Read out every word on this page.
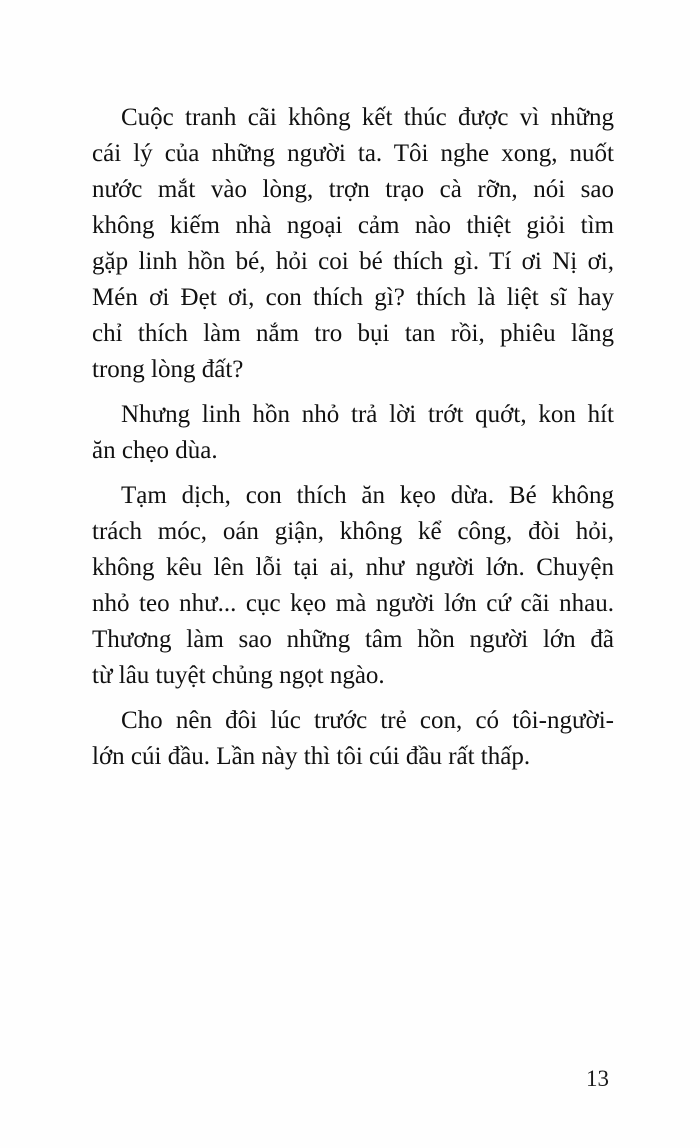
Cuộc tranh cãi không kết thúc được vì những
cái lý của những người ta. Tôi nghe xong, nuốt
nước mắt vào lòng, trợn trạo cà rỡn, nói sao
không kiếm nhà ngoại cảm nào thiệt giỏi tìm
gặp linh hồn bé, hỏi coi bé thích gì. Tí ơi Nị ơi,
Mén ơi Đẹt ơi, con thích gì? thích là liệt sĩ hay
chỉ thích làm nắm tro bụi tan rồi, phiêu lãng
trong lòng đất?
Nhưng linh hồn nhỏ trả lời trớt quớt, kon hít
ăn chẹo dùa.
Tạm dịch, con thích ăn kẹo dừa. Bé không
trách móc, oán giận, không kể công, đòi hỏi,
không kêu lên lỗi tại ai, như người lớn. Chuyện
nhỏ teo như... cục kẹo mà người lớn cứ cãi nhau.
Thương làm sao những tâm hồn người lớn đã
từ lâu tuyệt chủng ngọt ngào.
Cho nên đôi lúc trước trẻ con, có tôi-người-
lớn cúi đầu. Lần này thì tôi cúi đầu rất thấp.
13
